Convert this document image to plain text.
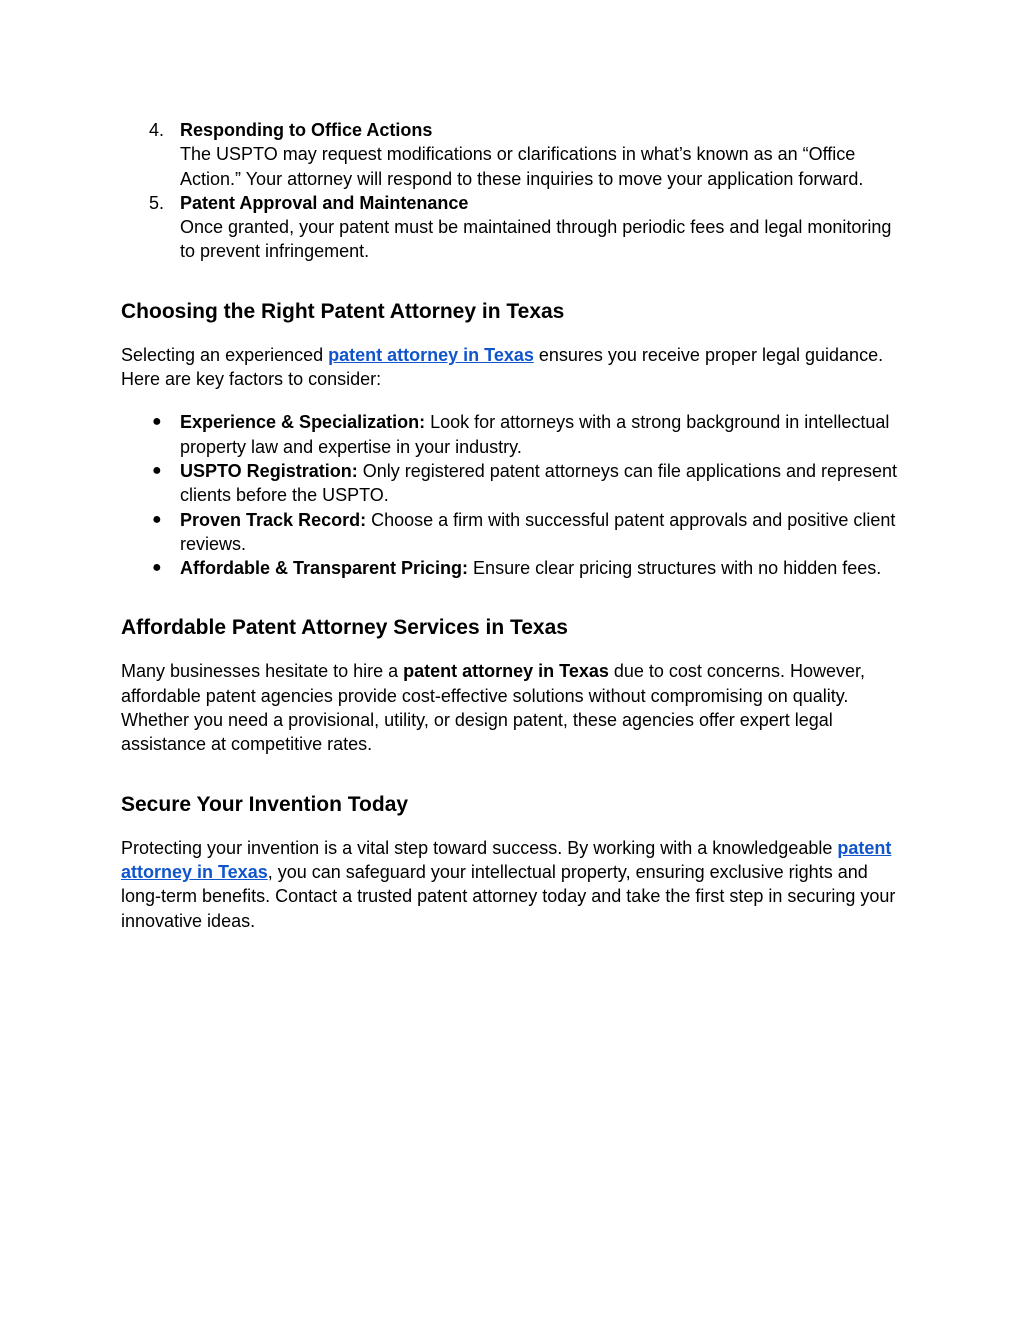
4. Responding to Office Actions
The USPTO may request modifications or clarifications in what’s known as an “Office Action.” Your attorney will respond to these inquiries to move your application forward.
5. Patent Approval and Maintenance
Once granted, your patent must be maintained through periodic fees and legal monitoring to prevent infringement.
Choosing the Right Patent Attorney in Texas

Selecting an experienced patent attorney in Texas ensures you receive proper legal guidance. Here are key factors to consider:

● Experience & Specialization: Look for attorneys with a strong background in intellectual property law and expertise in your industry.
● USPTO Registration: Only registered patent attorneys can file applications and represent clients before the USPTO.
● Proven Track Record: Choose a firm with successful patent approvals and positive client reviews.
● Affordable & Transparent Pricing: Ensure clear pricing structures with no hidden fees.
Affordable Patent Attorney Services in Texas

Many businesses hesitate to hire a patent attorney in Texas due to cost concerns. However, affordable patent agencies provide cost-effective solutions without compromising on quality. Whether you need a provisional, utility, or design patent, these agencies offer expert legal assistance at competitive rates.

Secure Your Invention Today

Protecting your invention is a vital step toward success. By working with a knowledgeable patent attorney in Texas, you can safeguard your intellectual property, ensuring exclusive rights and long-term benefits. Contact a trusted patent attorney today and take the first step in securing your innovative ideas.
